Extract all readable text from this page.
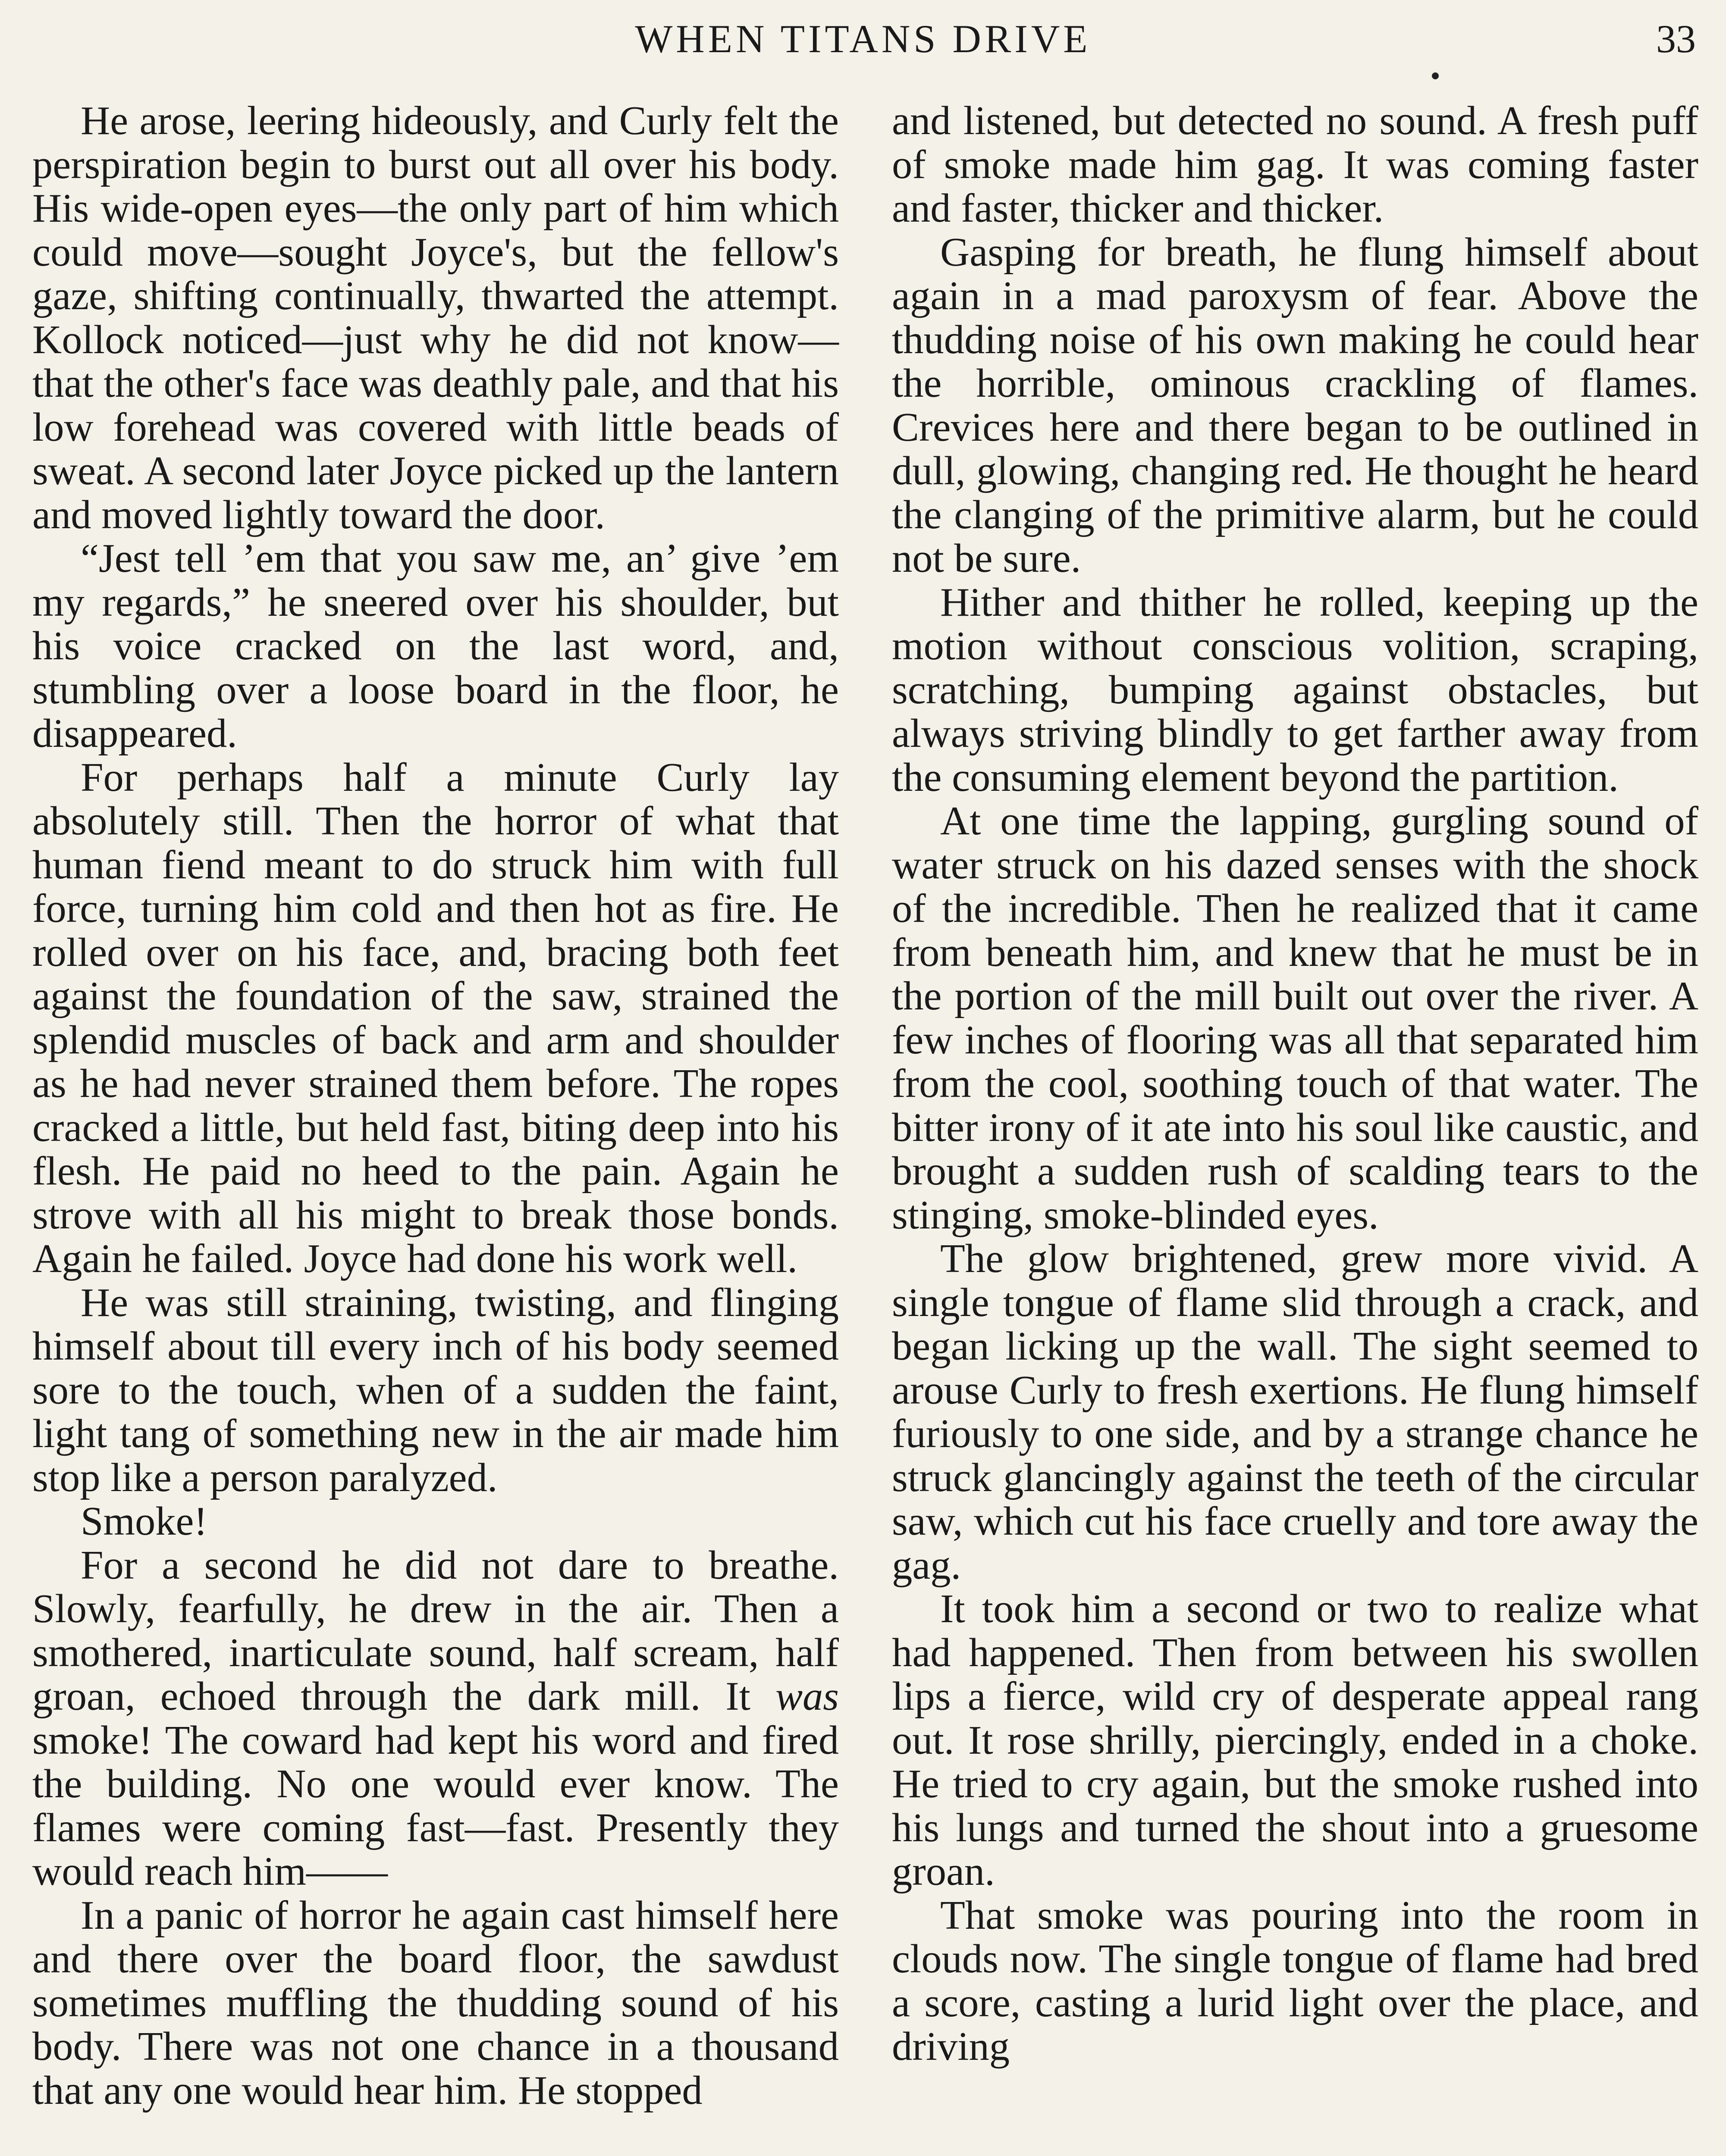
WHEN TITANS DRIVE	33

He arose, leering hideously, and Curly felt the perspiration begin to burst out all over his body. His wide-open eyes—the only part of him which could move—sought Joyce's, but the fellow's gaze, shifting continually, thwarted the attempt. Kollock noticed—just why he did not know—that the other's face was deathly pale, and that his low forehead was covered with little beads of sweat. A second later Joyce picked up the lantern and moved lightly toward the door.

“Jest tell ’em that you saw me, an’ give ’em my regards,” he sneered over his shoulder, but his voice cracked on the last word, and, stumbling over a loose board in the floor, he disappeared.

For perhaps half a minute Curly lay absolutely still. Then the horror of what that human fiend meant to do struck him with full force, turning him cold and then hot as fire. He rolled over on his face, and, bracing both feet against the foundation of the saw, strained the splendid muscles of back and arm and shoulder as he had never strained them before. The ropes cracked a little, but held fast, biting deep into his flesh. He paid no heed to the pain. Again he strove with all his might to break those bonds. Again he failed. Joyce had done his work well.

He was still straining, twisting, and flinging himself about till every inch of his body seemed sore to the touch, when of a sudden the faint, light tang of something new in the air made him stop like a person paralyzed.

Smoke!

For a second he did not dare to breathe. Slowly, fearfully, he drew in the air. Then a smothered, inarticulate sound, half scream, half groan, echoed through the dark mill. It was smoke! The coward had kept his word and fired the building. No one would ever know. The flames were coming fast—fast. Presently they would reach him——

In a panic of horror he again cast himself here and there over the board floor, the sawdust sometimes muffling the thudding sound of his body. There was not one chance in a thousand that any one would hear him. He stopped

and listened, but detected no sound. A fresh puff of smoke made him gag. It was coming faster and faster, thicker and thicker.

Gasping for breath, he flung himself about again in a mad paroxysm of fear. Above the thudding noise of his own making he could hear the horrible, ominous crackling of flames. Crevices here and there began to be outlined in dull, glowing, changing red. He thought he heard the clanging of the primitive alarm, but he could not be sure.

Hither and thither he rolled, keeping up the motion without conscious volition, scraping, scratching, bumping against obstacles, but always striving blindly to get farther away from the consuming element beyond the partition.

At one time the lapping, gurgling sound of water struck on his dazed senses with the shock of the incredible. Then he realized that it came from beneath him, and knew that he must be in the portion of the mill built out over the river. A few inches of flooring was all that separated him from the cool, soothing touch of that water. The bitter irony of it ate into his soul like caustic, and brought a sudden rush of scalding tears to the stinging, smoke-blinded eyes.

The glow brightened, grew more vivid. A single tongue of flame slid through a crack, and began licking up the wall. The sight seemed to arouse Curly to fresh exertions. He flung himself furiously to one side, and by a strange chance he struck glancingly against the teeth of the circular saw, which cut his face cruelly and tore away the gag.

It took him a second or two to realize what had happened. Then from between his swollen lips a fierce, wild cry of desperate appeal rang out. It rose shrilly, piercingly, ended in a choke. He tried to cry again, but the smoke rushed into his lungs and turned the shout into a gruesome groan.

That smoke was pouring into the room in clouds now. The single tongue of flame had bred a score, casting a lurid light over the place, and driving
